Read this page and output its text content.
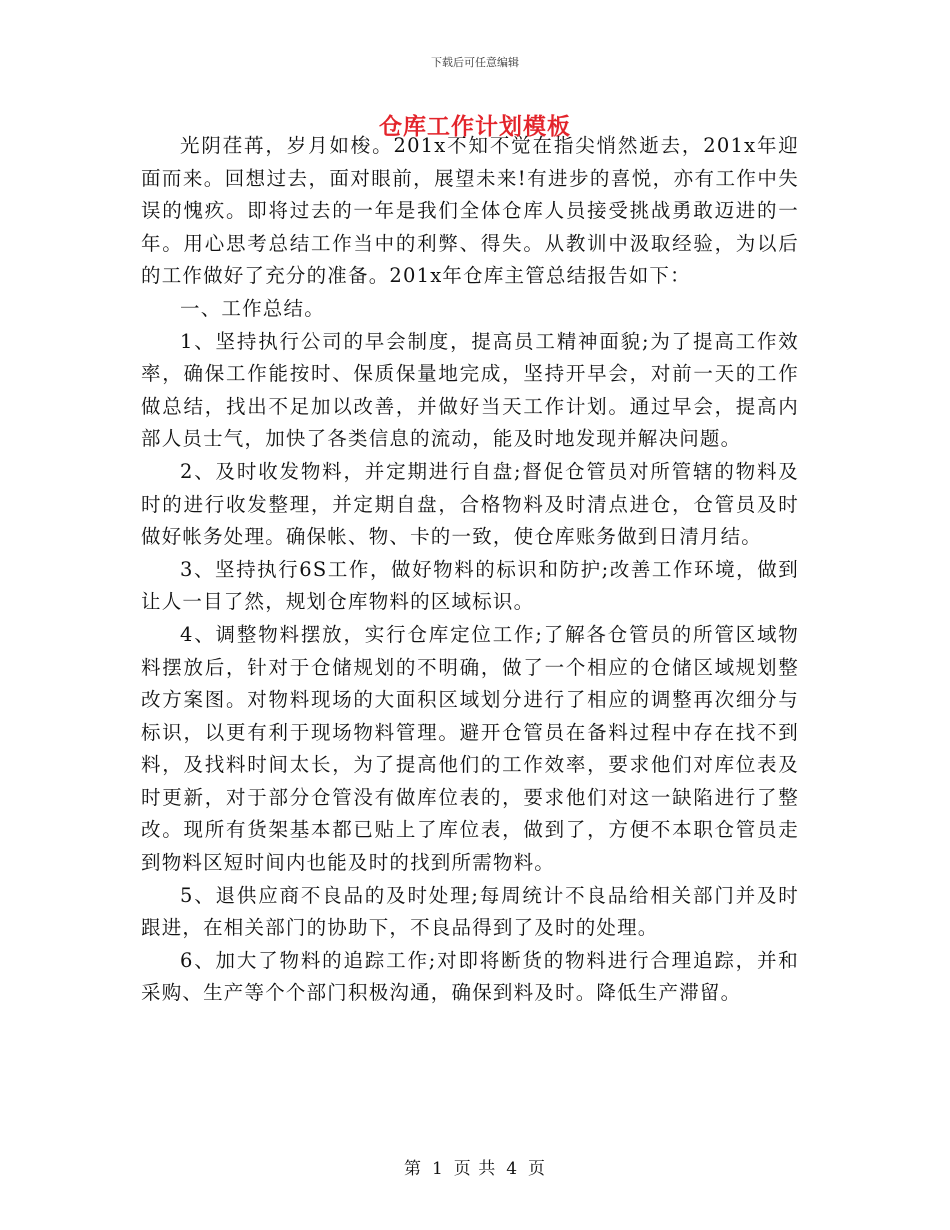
下载后可任意编辑
仓库工作计划模板

光阴荏苒，岁月如梭。201x不知不觉在指尖悄然逝去，201x年迎面而来。回想过去，面对眼前，展望未来!有进步的喜悦，亦有工作中失误的愧疚。即将过去的一年是我们全体仓库人员接受挑战勇敢迈进的一年。用心思考总结工作当中的利弊、得失。从教训中汲取经验，为以后的工作做好了充分的准备。201x年仓库主管总结报告如下：

一、工作总结。

1、坚持执行公司的早会制度，提高员工精神面貌;为了提高工作效率，确保工作能按时、保质保量地完成，坚持开早会，对前一天的工作做总结，找出不足加以改善，并做好当天工作计划。通过早会，提高内部人员士气，加快了各类信息的流动，能及时地发现并解决问题。

2、及时收发物料，并定期进行自盘;督促仓管员对所管辖的物料及时的进行收发整理，并定期自盘，合格物料及时清点进仓，仓管员及时做好帐务处理。确保帐、物、卡的一致，使仓库账务做到日清月结。

3、坚持执行6S工作，做好物料的标识和防护;改善工作环境，做到让人一目了然，规划仓库物料的区域标识。

4、调整物料摆放，实行仓库定位工作;了解各仓管员的所管区域物料摆放后，针对于仓储规划的不明确，做了一个相应的仓储区域规划整改方案图。对物料现场的大面积区域划分进行了相应的调整再次细分与标识，以更有利于现场物料管理。避开仓管员在备料过程中存在找不到料，及找料时间太长，为了提高他们的工作效率，要求他们对库位表及时更新，对于部分仓管没有做库位表的，要求他们对这一缺陷进行了整改。现所有货架基本都已贴上了库位表，做到了，方便不本职仓管员走到物料区短时间内也能及时的找到所需物料。

5、退供应商不良品的及时处理;每周统计不良品给相关部门并及时跟进，在相关部门的协助下，不良品得到了及时的处理。

6、加大了物料的追踪工作;对即将断货的物料进行合理追踪，并和采购、生产等个个部门积极沟通，确保到料及时。降低生产滞留。

第 1 页 共 4 页
